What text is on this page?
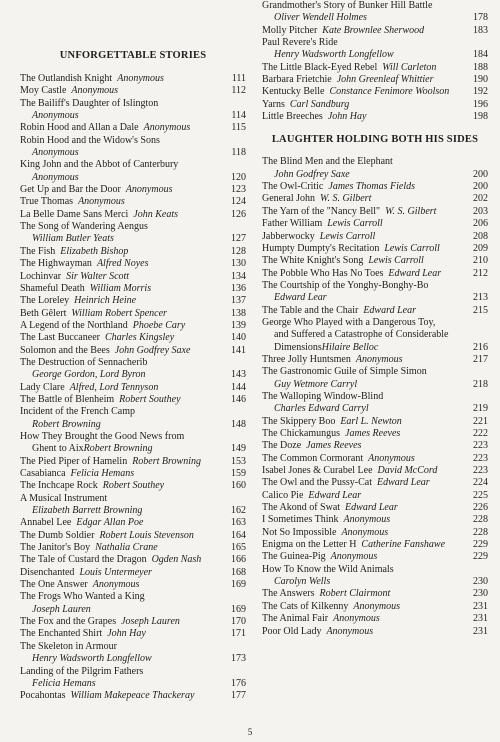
UNFORGETTABLE STORIES
The Outlandish Knight Anonymous	111
Moy Castle Anonymous	112
The Bailiff's Daughter of Islington
Anonymous	114
Robin Hood and Allan a Dale Anonymous	115
Robin Hood and the Widow's Sons
Anonymous	118
King John and the Abbot of Canterbury
Anonymous	120
Get Up and Bar the Door Anonymous	123
True Thomas Anonymous	124
La Belle Dame Sans Merci John Keats	126
The Song of Wandering Aengus
William Butler Yeats	127
The Fish Elizabeth Bishop	128
The Highwayman Alfred Noyes	130
Lochinvar Sir Walter Scott	134
Shameful Death William Morris	136
The Loreley Heinrich Heine	137
Beth Gêlert William Robert Spencer	138
A Legend of the Northland Phoebe Cary	139
The Last Buccaneer Charles Kingsley	140
Solomon and the Bees John Godfrey Saxe	141
The Destruction of Sennacherib
George Gordon, Lord Byron	143
Lady Clare Alfred, Lord Tennyson	144
The Battle of Blenheim Robert Southey	146
Incident of the French Camp
Robert Browning	148
How They Brought the Good News from
Ghent to AixRobert Browning	149
The Pied Piper of Hamelin Robert Browning	153
Casabianca Felicia Hemans	159
The Inchcape Rock Robert Southey	160
A Musical Instrument
Elizabeth Barrett Browning	162
Annabel Lee Edgar Allan Poe	163
The Dumb Soldier Robert Louis Stevenson	164
The Janitor's Boy Nathalia Crane	165
The Tale of Custard the Dragon Ogden Nash	166
Disenchanted Louis Untermeyer	168
The One Answer Anonymous	169
The Frogs Who Wanted a King
Joseph Lauren	169
The Fox and the Grapes Joseph Lauren	170
The Enchanted Shirt John Hay	171
The Skeleton in Armour
Henry Wadsworth Longfellow	173
Landing of the Pilgrim Fathers
Felicia Hemans	176
Pocahontas William Makepeace Thackeray	177
Grandmother's Story of Bunker Hill Battle
Oliver Wendell Holmes	178
Molly Pitcher Kate Brownlee Sherwood	183
Paul Revere's Ride
Henry Wadsworth Longfellow	184
The Little Black-Eyed Rebel Will Carleton	188
Barbara Frietchie John Greenleaf Whittier	190
Kentucky Belle Constance Fenimore Woolson 192
Yarns Carl Sandburg	196
Little Breeches John Hay	198
LAUGHTER HOLDING BOTH HIS SIDES
The Blind Men and the Elephant
John Godfrey Saxe	200
The Owl-Critic James Thomas Fields	200
General John W. S. Gilbert	202
The Yarn of the "Nancy Bell" W. S. Gilbert	203
Father William Lewis Carroll	206
Jabberwocky Lewis Carroll	208
Humpty Dumpty's Recitation Lewis Carroll	209
The White Knight's Song Lewis Carroll	210
The Pobble Who Has No Toes Edward Lear	212
The Courtship of the Yonghy-Bonghy-Bo
Edward Lear	213
The Table and the Chair Edward Lear	215
George Who Played with a Dangerous Toy,
and Suffered a Catastrophe of Considerable
DimensionsHilaire Belloc	216
Three Jolly Huntsmen Anonymous	217
The Gastronomic Guile of Simple Simon
Guy Wetmore Carryl	218
The Walloping Window-Blind
Charles Edward Carryl	219
The Skippery Boo Earl L. Newton	221
The Chickamungus James Reeves	222
The Doze James Reeves	223
The Common Cormorant Anonymous	223
Isabel Jones & Curabel Lee David McCord	223
The Owl and the Pussy-Cat Edward Lear	224
Calico Pie Edward Lear	225
The Akond of Swat Edward Lear	226
I Sometimes Think Anonymous	228
Not So Impossible Anonymous	228
Enigma on the Letter H Catherine Fanshawe	229
The Guinea-Pig Anonymous	229
How To Know the Wild Animals
Carolyn Wells	230
The Answers Robert Clairmont	230
The Cats of Kilkenny Anonymous	231
The Animal Fair Anonymous	231
Poor Old Lady Anonymous	231
5
